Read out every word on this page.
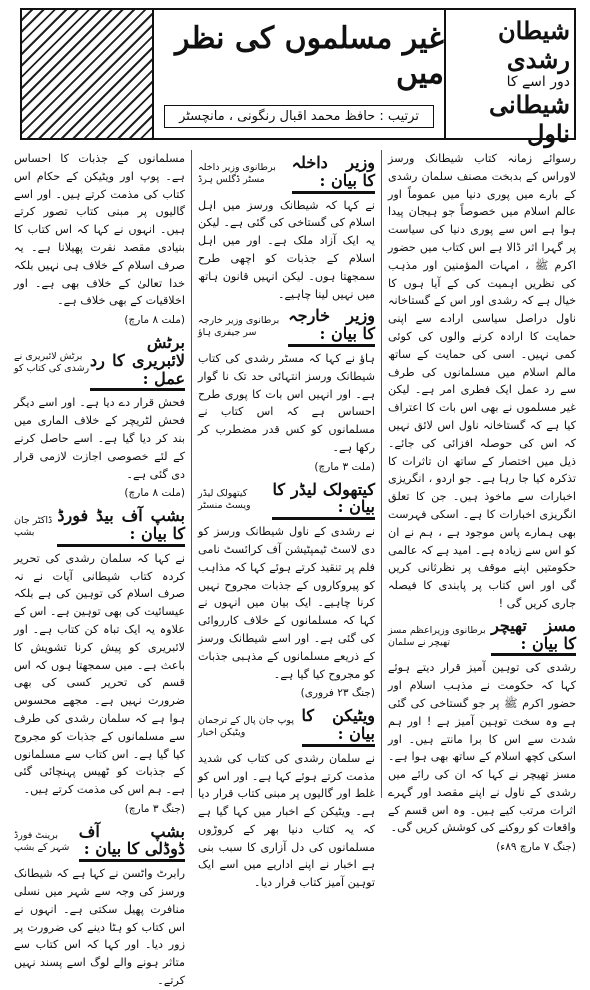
غیر مسلموں کی نظر میں
ترتیب : حافظ محمد اقبال رنگونی ، مانچسٹر
شیطان رشدی
دور اسے کا
شیطانی ناول

رسوائے زمانہ کتاب شیطانک ورسز لاوراس کے بدبخت مصنف سلمان رشدی کے بارے میں پوری دنیا میں عموماً اور عالم اسلام میں خصوصاً جو ہیجان پیدا ہوا ہے اس سے پوری دنیا کی سیاست پر گہرا اثر ڈالا ہے اس کتاب میں حضور اکرم ﷺ ، امہات المؤمنین اور مذہب کی نظریں اہمیت کی کے آیا ہوں کا خیال ہے کہ رشدی اور اس کے گستاخانہ ناول دراصل سیاسی ارادے سے اپنی حمایت کا ارادہ کرنے والوں کی کوئی کمی نہیں۔ اسی کی حمایت کے ساتھ مالم اسلام میں مسلمانوں کی طرف سے رد عمل ایک فطری امر ہے۔ لیکن غیر مسلموں نے بھی اس بات کا اعتراف کیا ہے کہ گستاخانہ ناول اس لائق نہیں کہ اس کی حوصلہ افزائی کی جائے۔ ذیل میں اختصار کے ساتھ ان تاثرات کا تذکرہ کیا جا رہا ہے۔ جو اردو ، انگریزی اخبارات سے ماخوذ ہیں۔ جن کا تعلق انگریزی اخبارات کا ہے۔ اسکی فہرست بھی ہمارے پاس موجود ہے ، ہم نے ان کو اس سے زیادہ ہے۔ امید ہے کہ عالمی حکومتیں اپنے موقف پر نظرثانی کریں گی اور اس کتاب پر پابندی کا فیصلہ جاری کریں گی !

مسز تھیچر کا بیان :
برطانوی وزیراعظم مسز تھیچر نے سلمان

رشدی کی توہین آمیز قرار دیتے ہوئے کہا کہ حکومت نے مذہب اسلام اور حضور اکرم ﷺ پر جو گستاخی کی گئی ہے وہ سخت توہین آمیز ہے ! اور ہم شدت سے اس کا برا مانتے ہیں۔ اور اسکی کچھ اسلام کے ساتھ بھی ہوا ہے۔ مسز تھیچر نے کہا کہ ان کی رائے میں رشدی کے ناول نے اپنے مقصد اور گہرے اثرات مرتب کیے ہیں۔ وہ اس قسم کے واقعات کو روکنے کی کوشش کریں گی۔

(جنگ ۷ مارچ ۸۹ء)
وزیر داخلہ کا بیان :
برطانوی وزیر داخلہ مسٹر ڈگلس ہرڈ

نے کہا کہ شیطانک ورسز میں اہل اسلام کی گستاخی کی گئی ہے۔ لیکن یہ ایک آزاد ملک ہے۔ اور میں اہل اسلام کے جذبات کو اچھی طرح سمجھتا ہوں۔ لیکن انہیں قانون ہاتھ میں نہیں لینا چاہیے۔

وزیر خارجہ کا بیان :
برطانوی وزیر خارجہ سر جیفری ہاؤ

ہاؤ نے کہا کہ مسٹر رشدی کی کتاب شیطانک ورسز انتہائی حد تک نا گوار ہے۔ اور انہیں اس بات کا پوری طرح احساس ہے کہ اس کتاب نے مسلمانوں کو کس قدر مضطرب کر رکھا ہے۔

(ملت ۳ مارچ)
کیتھولک لیڈر کا بیان :
کیتھولک لیڈر ویسٹ منسٹر

نے رشدی کے ناول شیطانک ورسز کو دی لاسٹ ٹیمپٹیشن آف کرائسٹ نامی فلم پر تنقید کرتے ہوئے کہا کہ مذاہب کو پیروکاروں کے جذبات مجروح نہیں کرنا چاہیے۔ ایک بیان میں انہوں نے کہا کہ مسلمانوں کے خلاف کارروائی کی گئی ہے۔ اور اسے شیطانک ورسز کے ذریعے مسلمانوں کے مذہبی جذبات کو مجروح کیا گیا ہے۔

(جنگ ۲۳ فروری)
ویٹیکن کا بیان :
پوپ جان پال کے ترجمان ویٹیکن اخبار

نے سلمان رشدی کی کتاب کی شدید مذمت کرتے ہوئے کہا ہے۔ اور اس کو غلط اور گالیوں پر مبنی کتاب قرار دیا ہے۔ ویٹیکن کے اخبار میں کہا گیا ہے کہ یہ کتاب دنیا بھر کے کروڑوں مسلمانوں کی دل آزاری کا سبب بنی ہے اخبار نے اپنے اداریے میں اسے ایک توہین آمیز کتاب قرار دیا۔

مسلمانوں کے جذبات کا احساس ہے۔ پوپ اور ویٹیکن کے حکام اس کتاب کی مذمت کرتے ہیں۔ اور اسے گالیوں پر مبنی کتاب تصور کرتے ہیں۔ انہوں نے کہا کہ اس کتاب کا بنیادی مقصد نفرت پھیلانا ہے۔ یہ صرف اسلام کے خلاف ہی نہیں بلکہ خدا تعالیٰ کے خلاف بھی ہے۔ اور اخلاقیات کے بھی خلاف ہے۔

(ملت ۸ مارچ)
برٹش لائبریری کا رد عمل :
برٹش لائبریری نے رشدی کی کتاب کو

فحش قرار دے دیا ہے۔ اور اسے دیگر فحش لٹریچر کے خلاف الماری میں بند کر دیا گیا ہے۔ اسے حاصل کرنے کے لئے خصوصی اجازت لازمی قرار دی گئی ہے۔

(ملت ۸ مارچ)
بشپ آف بیڈ فورڈ کا بیان :
ڈاکٹر جان بشپ

نے کہا کہ سلمان رشدی کی تحریر کردہ کتاب شیطانی آیات نے نہ صرف اسلام کی توہین کی ہے بلکہ عیسائیت کی بھی توہین ہے۔ اس کے علاوہ یہ ایک تباہ کن کتاب ہے۔ اور لائبریری کو پیش کرنا تشویش کا باعث ہے۔ میں سمجھتا ہوں کہ اس قسم کی تحریر کسی کی بھی ضرورت نہیں ہے۔ مجھے محسوس ہوا ہے کہ سلمان رشدی کی طرف سے مسلمانوں کے جذبات کو مجروح کیا گیا ہے۔ اس کتاب سے مسلمانوں کے جذبات کو ٹھیس پہنچائی گئی ہے۔ ہم اس کی مذمت کرتے ہیں۔

(جنگ ۳ مارچ)
بشپ آف ڈوڈلی کا بیان :
برینٹ فورڈ شہر کے بشپ

رابرٹ واٹسن نے کہا ہے کہ شیطانک ورسز کی وجہ سے شہر میں نسلی منافرت پھیل سکتی ہے۔ انہوں نے اس کتاب کو ہٹا دینے کی ضرورت پر زور دیا۔ اور کہا کہ اس کتاب سے متاثر ہونے والے لوگ اسے پسند نہیں کرتے۔
